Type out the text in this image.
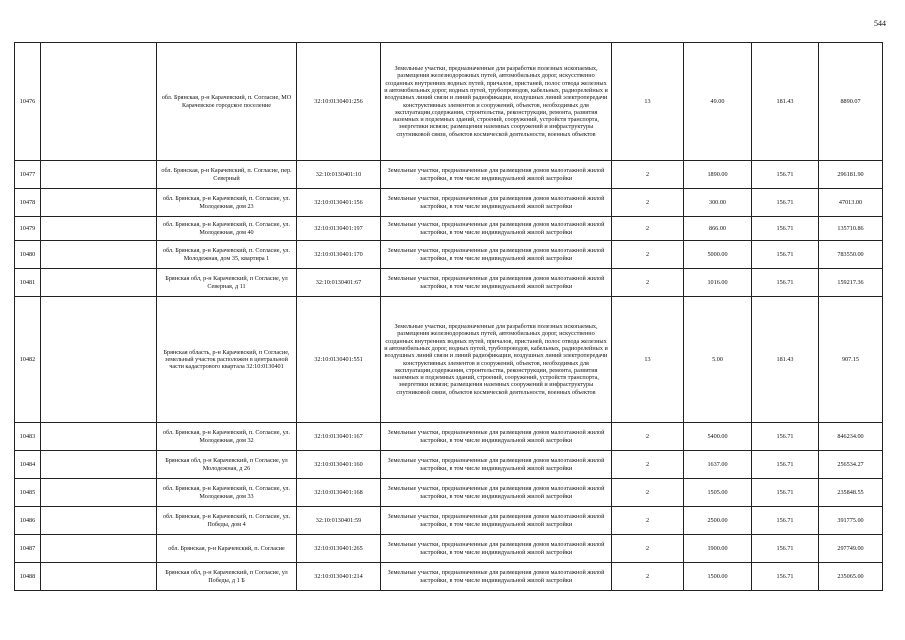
544
10476		обл. Брянская, р-н Карачевский, п. Согласие, МО Карачевское городское поселение	32:10:0130401:256	Земельные участки, предназначенные для разработки полезных ископаемых, размещения железнодорожных путей, автомобильных дорог, искусственно созданных внутренних водных путей, причалов, пристаней, полос отвода железных и автомобильных дорог, водных путей, трубопроводов, кабельных, радиорелейных и воздушных линий связи и линий радиофикации, воздушных линий электропередачи конструктивных элементов и сооружений, объектов, необходимых для эксплуатации,содержания, строительства, реконструкции, ремонта, развития наземных и подземных зданий, строений, сооружений, устройств транспорта, энергетики исвязи; размещения наземных сооружений и инфраструктуры спутниковой связи, объектов космической деятельности, военных объектов	13	49.00	181.43	8890.07
10477		обл. Брянская, р-н Карачевский, п. Согласие, пер. Северный	32:10:0130401:10	Земельные участки, предназначенные для размещения домов малоэтажной жилой застройки, в том числе индивидуальной жилой застройки	2	1890.00	156.71	296181.90
10478		обл. Брянская, р-н Карачевский, п. Согласие, ул. Молодежная, дом 23	32:10:0130401:156	Земельные участки, предназначенные для размещения домов малоэтажной жилой застройки, в том числе индивидуальной жилой застройки	2	300.00	156.71	47013.00
10479		обл. Брянская, р-н Карачевский, п. Согласие, ул. Молодежная, дом 40	32:10:0130401:197	Земельные участки, предназначенные для размещения домов малоэтажной жилой застройки, в том числе индивидуальной жилой застройки	2	866.00	156.71	135710.86
10480		обл. Брянская, р-н Карачевский, п. Согласие, ул. Молодежная, дом 35, квартира 1	32:10:0130401:170	Земельные участки, предназначенные для размещения домов малоэтажной жилой застройки, в том числе индивидуальной жилой застройки	2	5000.00	156.71	783550.00
10481		Брянская обл, р-н Карачевский, п Согласие, ул Северная, д 11	32:10:0130401:67	Земельные участки, предназначенные для размещения домов малоэтажной жилой застройки, в том числе индивидуальной жилой застройки	2	1016.00	156.71	159217.36
10482		Брянская область, р-н Карачевский, п Согласие, земельный участок расположен в центральной части кадастрового квартала 32:10:0130401	32:10:0130401:551	Земельные участки, предназначенные для разработки полезных ископаемых, размещения железнодорожных путей, автомобильных дорог, искусственно созданных внутренних водных путей, причалов, пристаней, полос отвода железных и автомобильных дорог, водных путей, трубопроводов, кабельных, радиорелейных и воздушных линий связи и линий радиофикации, воздушных линий электропередачи конструктивных элементов и сооружений, объектов, необходимых для эксплуатации,содержания, строительства, реконструкции, ремонта, развития наземных и подземных зданий, строений, сооружений, устройств транспорта, энергетики исвязи; размещения наземных сооружений и инфраструктуры спутниковой связи, объектов космической деятельности, военных объектов	13	5.00	181.43	907.15
10483		обл. Брянская, р-н Карачевский, п. Согласие, ул. Молодежная, дом 32	32:10:0130401:167	Земельные участки, предназначенные для размещения домов малоэтажной жилой застройки, в том числе индивидуальной жилой застройки	2	5400.00	156.71	846234.00
10484		Брянская обл, р-н Карачевский, п Согласие, ул Молодежная, д 26	32:10:0130401:160	Земельные участки, предназначенные для размещения домов малоэтажной жилой застройки, в том числе индивидуальной жилой застройки	2	1637.00	156.71	256534.27
10485		обл. Брянская, р-н Карачевский, п. Согласие, ул. Молодежная, дом 33	32:10:0130401:168	Земельные участки, предназначенные для размещения домов малоэтажной жилой застройки, в том числе индивидуальной жилой застройки	2	1505.00	156.71	235848.55
10486		обл. Брянская, р-н Карачевский, п. Согласие, ул. Победы, дом 4	32:10:0130401:59	Земельные участки, предназначенные для размещения домов малоэтажной жилой застройки, в том числе индивидуальной жилой застройки	2	2500.00	156.71	391775.00
10487		обл. Брянская, р-н Карачевский, п. Согласие	32:10:0130401:265	Земельные участки, предназначенные для размещения домов малоэтажной жилой застройки, в том числе индивидуальной жилой застройки	2	1900.00	156.71	297749.00
10488		Брянская обл, р-н Карачевский, п Согласие, ул Победы, д 1 Б	32:10:0130401:214	Земельные участки, предназначенные для размещения домов малоэтажной жилой застройки, в том числе индивидуальной жилой застройки	2	1500.00	156.71	235065.00
